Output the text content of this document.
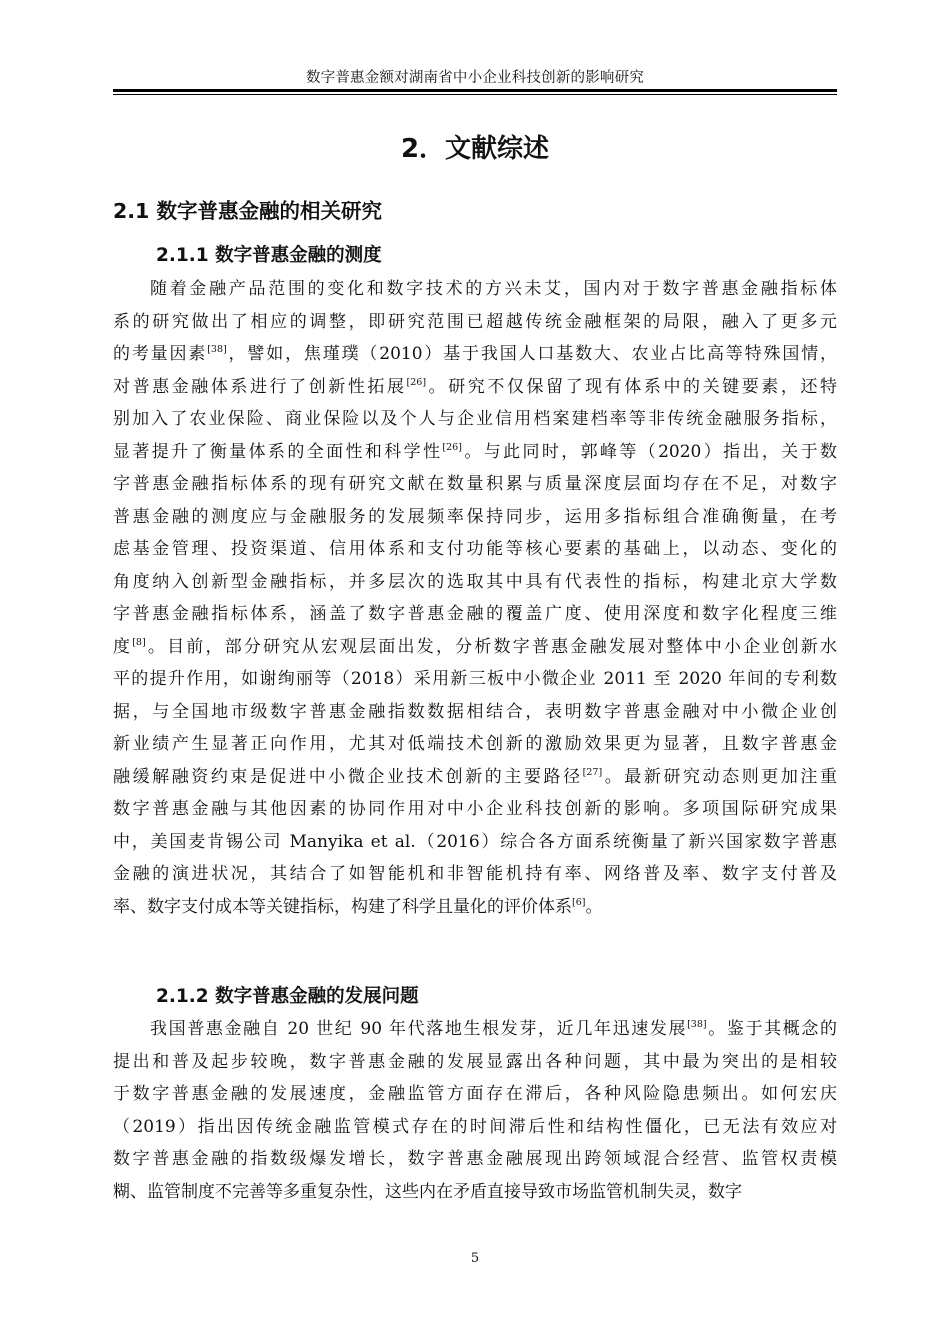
数字普惠金额对湖南省中小企业科技创新的影响研究
2．文献综述
2.1 数字普惠金融的相关研究
2.1.1 数字普惠金融的测度
随着金融产品范围的变化和数字技术的方兴未艾，国内对于数字普惠金融指标体
系的研究做出了相应的调整，即研究范围已超越传统金融框架的局限，融入了更多元
的考量因素[38]，譬如，焦瑾璞（2010）基于我国人口基数大、农业占比高等特殊国情，
对普惠金融体系进行了创新性拓展[26]。研究不仅保留了现有体系中的关键要素，还特
别加入了农业保险、商业保险以及个人与企业信用档案建档率等非传统金融服务指标，
显著提升了衡量体系的全面性和科学性[26]。与此同时，郭峰等（2020）指出，关于数
字普惠金融指标体系的现有研究文献在数量积累与质量深度层面均存在不足，对数字
普惠金融的测度应与金融服务的发展频率保持同步，运用多指标组合准确衡量，在考
虑基金管理、投资渠道、信用体系和支付功能等核心要素的基础上，以动态、变化的
角度纳入创新型金融指标，并多层次的选取其中具有代表性的指标，构建北京大学数
字普惠金融指标体系，涵盖了数字普惠金融的覆盖广度、使用深度和数字化程度三维
度[8]。目前，部分研究从宏观层面出发，分析数字普惠金融发展对整体中小企业创新水
平的提升作用，如谢绚丽等（2018）采用新三板中小微企业 2011 至 2020 年间的专利数
据，与全国地市级数字普惠金融指数数据相结合，表明数字普惠金融对中小微企业创
新业绩产生显著正向作用，尤其对低端技术创新的激励效果更为显著，且数字普惠金
融缓解融资约束是促进中小微企业技术创新的主要路径[27]。最新研究动态则更加注重
数字普惠金融与其他因素的协同作用对中小企业科技创新的影响。多项国际研究成果
中，美国麦肯锡公司 Manyika et al.（2016）综合各方面系统衡量了新兴国家数字普惠
金融的演进状况，其结合了如智能机和非智能机持有率、网络普及率、数字支付普及
率、数字支付成本等关键指标，构建了科学且量化的评价体系[6]。
2.1.2 数字普惠金融的发展问题
我国普惠金融自 20 世纪 90 年代落地生根发芽，近几年迅速发展[38]。鉴于其概念的
提出和普及起步较晚，数字普惠金融的发展显露出各种问题，其中最为突出的是相较
于数字普惠金融的发展速度，金融监管方面存在滞后，各种风险隐患频出。如何宏庆
（2019）指出因传统金融监管模式存在的时间滞后性和结构性僵化，已无法有效应对
数字普惠金融的指数级爆发增长，数字普惠金融展现出跨领域混合经营、监管权责模
糊、监管制度不完善等多重复杂性，这些内在矛盾直接导致市场监管机制失灵，数字
5
